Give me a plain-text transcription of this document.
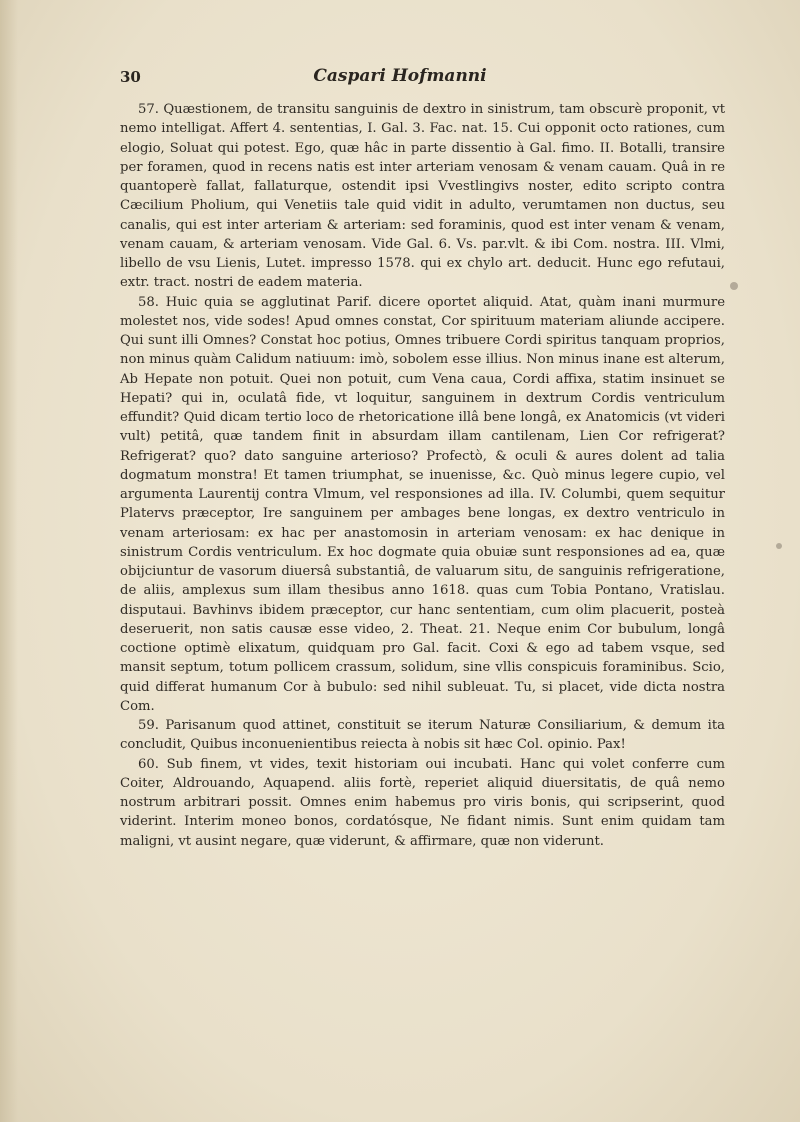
30	Caspari Hofmanni

57. Quæstionem, de transitu sanguinis de dextro in sinistrum, tam obscurè proponit, vt nemo intelligat. Affert 4. sententias, I. Gal. 3. Fac. nat. 15. Cui opponit octo rationes, cum elogio, Soluat qui potest. Ego, quæ hâc in parte dissentio à Gal. fimo. II. Botalli, transire per foramen, quod in recens natis est inter arteriam venosam & venam cauam. Quâ in re quantoperè fallat, fallaturque, ostendit ipsi Vvestlingivs noster, edito scripto contra Cæcilium Pholium, qui Venetiis tale quid vidit in adulto, verumtamen non ductus, seu canalis, qui est inter arteriam & arteriam: sed foraminis, quod est inter venam & venam, venam cauam, & arteriam venosam. Vide Gal. 6. Vs. par.vlt. & ibi Com. nostra. III. Vlmi, libello de vsu Lienis, Lutet. impresso 1578. qui ex chylo art. deducit. Hunc ego refutaui, extr. tract. nostri de eadem materia.

58. Huic quia se agglutinat Parif. dicere oportet aliquid. Atat, quàm inani murmure molestet nos, vide sodes! Apud omnes constat, Cor spirituum materiam aliunde accipere. Qui sunt illi Omnes? Constat hoc potius, Omnes tribuere Cordi spiritus tanquam proprios, non minus quàm Calidum natiuum: imò, sobolem esse illius. Non minus inane est alterum, Ab Hepate non potuit. Quei non potuit, cum Vena caua, Cordi affixa, statim insinuet se Hepati? qui in, oculatâ fide, vt loquitur, sanguinem in dextrum Cordis ventriculum effundit? Quid dicam tertio loco de rhetoricatione illâ bene longâ, ex Anatomicis (vt videri vult) petitâ, quæ tandem finit in absurdam illam cantilenam, Lien Cor refrigerat? Refrigerat? quo? dato sanguine arterioso? Profectò, & oculi & aures dolent ad talia dogmatum monstra! Et tamen triumphat, se inuenisse, &c. Quò minus legere cupio, vel argumenta Laurentij contra Vlmum, vel responsiones ad illa. IV. Columbi, quem sequitur Platervs præceptor, Ire sanguinem per ambages bene longas, ex dextro ventriculo in venam arteriosam: ex hac per anastomosin in arteriam venosam: ex hac denique in sinistrum Cordis ventriculum. Ex hoc dogmate quia obuiæ sunt responsiones ad ea, quæ obijciuntur de vasorum diuersâ substantiâ, de valuarum situ, de sanguinis refrigeratione, de aliis, amplexus sum illam thesibus anno 1618. quas cum Tobia Pontano, Vratislau. disputaui. Bavhinvs ibidem præceptor, cur hanc sententiam, cum olim placuerit, posteà deseruerit, non satis causæ esse video, 2. Theat. 21. Neque enim Cor bubulum, longâ coctione optimè elixatum, quidquam pro Gal. facit. Coxi & ego ad tabem vsque, sed mansit septum, totum pollicem crassum, solidum, sine vllis conspicuis foraminibus. Scio, quid differat humanum Cor à bubulo: sed nihil subleuat. Tu, si placet, vide dicta nostra Com.

59. Parisanum quod attinet, constituit se iterum Naturæ Consiliarium, & demum ita concludit, Quibus inconuenientibus reiecta à nobis sit hæc Col. opinio. Pax!

60. Sub finem, vt vides, texit historiam oui incubati. Hanc qui volet conferre cum Coiter, Aldrouando, Aquapend. aliis fortè, reperiet aliquid diuersitatis, de quâ nemo nostrum arbitrari possit. Omnes enim habemus pro viris bonis, qui scripserint, quod viderint. Interim moneo bonos, cordatósque, Ne fidant nimis. Sunt enim quidam tam maligni, vt ausint negare, quæ viderunt, & affirmare, quæ non viderunt.
